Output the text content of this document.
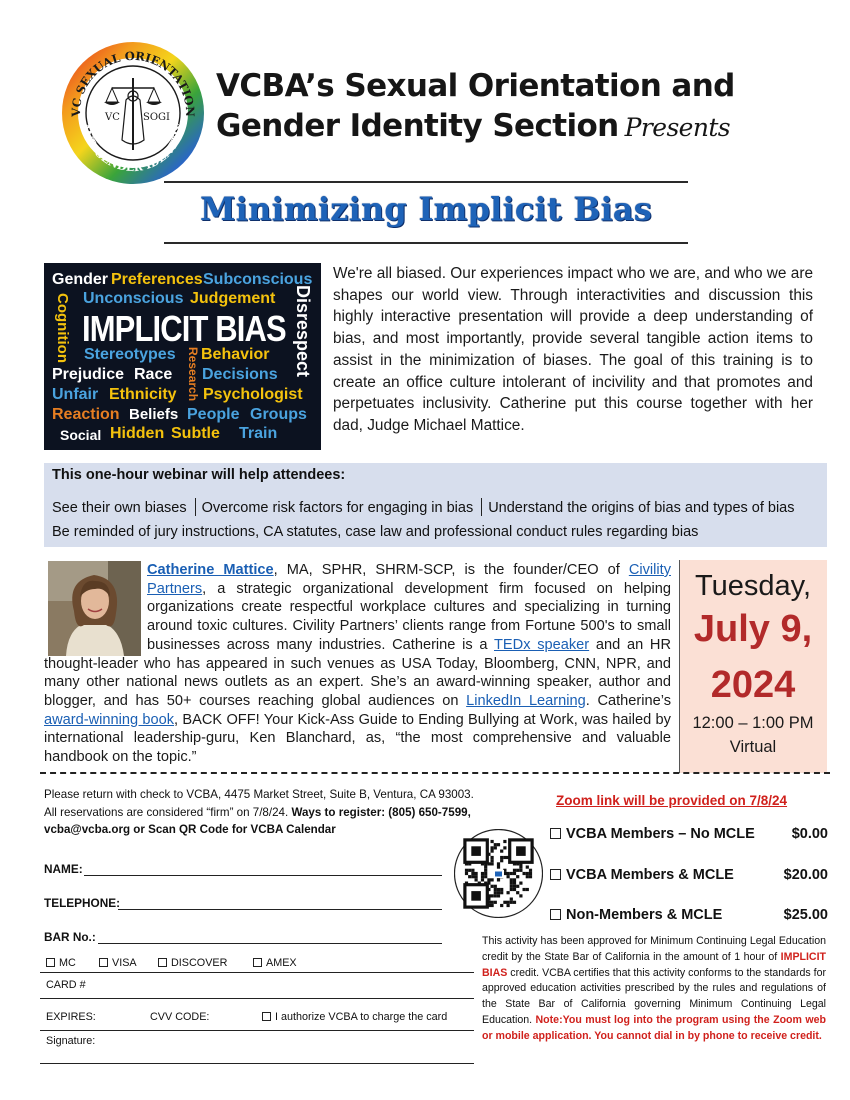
VC SEXUAL ORIENTATION
AND GENDER IDENTITY
VC SOGI
VCBA’s Sexual Orientation and
Gender Identity Section Presents
Minimizing Implicit Bias
Gender Preferences Subconscious
Unconscious Judgement
Cognition IMPLICIT BIAS Disrespect
Stereotypes Behavior
Prejudice Race Research Decisions
Unfair Ethnicity Psychologist
Reaction Beliefs People Groups
Social Hidden Subtle Train
We're all biased. Our experiences impact who we are, and who we are shapes our world view. Through interactivities and discussion this highly interactive presentation will provide a deep understanding of bias, and most importantly, provide several tangible action items to assist in the minimization of biases. The goal of this training is to create an office culture intolerant of incivility and that promotes and perpetuates inclusivity. Catherine put this course together with her dad, Judge Michael Mattice.
This one-hour webinar will help attendees:
See their own biases Overcome risk factors for engaging in bias Understand the origins of bias and types of bias
Be reminded of jury instructions, CA statutes, case law and professional conduct rules regarding bias
Catherine Mattice, MA, SPHR, SHRM-SCP, is the founder/CEO of Civility Partners, a strategic organizational development firm focused on helping organizations create respectful workplace cultures and specializing in turning around toxic cultures. Civility Partners’ clients range from Fortune 500's to small businesses across many industries. Catherine is a TEDx speaker and an HR thought-leader who has appeared in such venues as USA Today, Bloomberg, CNN, NPR, and many other national news outlets as an expert. She’s an award-winning speaker, author and blogger, and has 50+ courses reaching global audiences on LinkedIn Learning. Catherine’s award-winning book, BACK OFF! Your Kick-Ass Guide to Ending Bullying at Work, was hailed by international leadership-guru, Ken Blanchard, as, “the most comprehensive and valuable handbook on the topic.”
Tuesday,
July 9,
2024
12:00 – 1:00 PM
Virtual
Please return with check to VCBA, 4475 Market Street, Suite B, Ventura, CA 93003. All reservations are considered “firm” on 7/8/24. Ways to register: (805) 650-7599, vcba@vcba.org or Scan QR Code for VCBA Calendar
NAME:
TELEPHONE:
BAR No.:
MC	VISA	DISCOVER	AMEX
CARD #
EXPIRES:	CVV CODE:	I authorize VCBA to charge the card
Signature:
Zoom link will be provided on 7/8/24
VCBA Members – No MCLE	$0.00
VCBA Members & MCLE	$20.00
Non-Members & MCLE	$25.00
This activity has been approved for Minimum Continuing Legal Education credit by the State Bar of California in the amount of 1 hour of IMPLICIT BIAS credit. VCBA certifies that this activity conforms to the standards for approved education activities prescribed by the rules and regulations of the State Bar of California governing Minimum Continuing Legal Education. Note:You must log into the program using the Zoom web or mobile application. You cannot dial in by phone to receive credit.
